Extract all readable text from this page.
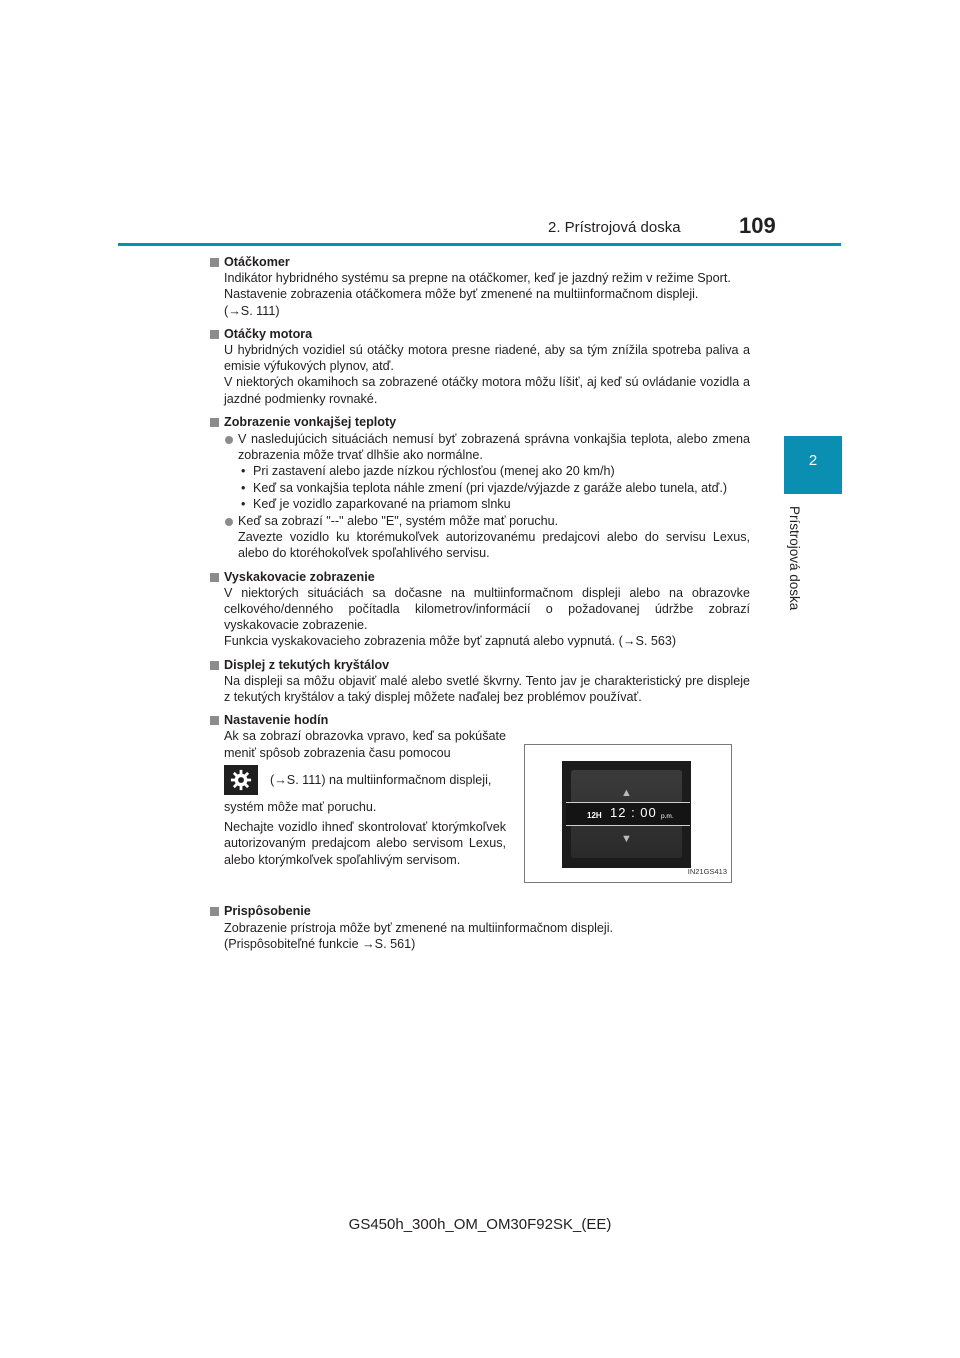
2. Prístrojová doska	109
2
Prístrojová doska
Otáčkomer

Indikátor hybridného systému sa prepne na otáčkomer, keď je jazdný režim v režime Sport.

Nastavenie zobrazenia otáčkomera môže byť zmenené na multiinformačnom displeji.

(→S. 111)

Otáčky motora

U hybridných vozidiel sú otáčky motora presne riadené, aby sa tým znížila spotreba paliva a emisie výfukových plynov, atď.

V niektorých okamihoch sa zobrazené otáčky motora môžu líšiť, aj keď sú ovládanie vozidla a jazdné podmienky rovnaké.

Zobrazenie vonkajšej teploty
V nasledujúcich situáciách nemusí byť zobrazená správna vonkajšia teplota, alebo zmena zobrazenia môže trvať dlhšie ako normálne.
• Pri zastavení alebo jazde nízkou rýchlosťou (menej ako 20 km/h)
• Keď sa vonkajšia teplota náhle zmení (pri vjazde/výjazde z garáže alebo tunela, atď.)
• Keď je vozidlo zaparkované na priamom slnku
Keď sa zobrazí "--" alebo "E", systém môže mať poruchu.
Zavezte vozidlo ku ktorémukoľvek autorizovanému predajcovi alebo do servisu Lexus, alebo do ktoréhokoľvek spoľahlivého servisu.
Vyskakovacie zobrazenie

V niektorých situáciách sa dočasne na multiinformačnom displeji alebo na obrazovke celkového/denného počítadla kilometrov/informácií o požadovanej údržbe zobrazí vyskakovacie zobrazenie.

Funkcia vyskakovacieho zobrazenia môže byť zapnutá alebo vypnutá. (→S. 563)

Displej z tekutých kryštálov

Na displeji sa môžu objaviť malé alebo svetlé škvrny. Tento jav je charakteristický pre displeje z tekutých kryštálov a taký displej môžete naďalej bez problémov používať.

Nastavenie hodín

Ak sa zobrazí obrazovka vpravo, keď sa pokúšate meniť spôsob zobrazenia času pomocou

(→S. 111) na multiinformačnom displeji,

systém môže mať poruchu.

Nechajte vozidlo ihneď skontrolovať ktorýmkoľvek autorizovaným predajcom alebo servisom Lexus, alebo ktorýmkoľvek spoľahlivým servisom.

▲
12H 12 : 00 p.m.
▼
IN21GS413
Prispôsobenie

Zobrazenie prístroja môže byť zmenené na multiinformačnom displeji.

(Prispôsobiteľné funkcie →S. 561)

GS450h_300h_OM_OM30F92SK_(EE)
